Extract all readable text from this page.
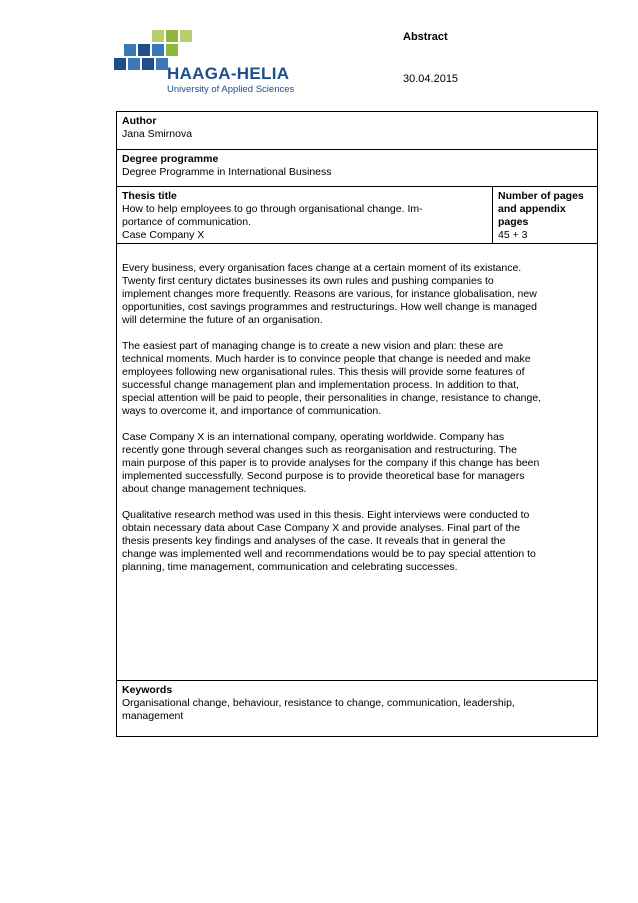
HAAGA-HELIA
University of Applied Sciences
Abstract
30.04.2015
Author
Jana Smirnova
Degree programme
Degree Programme in International Business
Thesis title
How to help employees to go through organisational change. Im-
portance of communication.
Case Company X
Number of pages
and appendix
pages
45 + 3

Every business, every organisation faces change at a certain moment of its existance.
Twenty first century dictates businesses its own rules and pushing companies to
implement changes more frequently. Reasons are various, for instance globalisation, new
opportunities, cost savings programmes and restructurings. How well change is managed
will determine the future of an organisation.

The easiest part of managing change is to create a new vision and plan: these are
technical moments. Much harder is to convince people that change is needed and make
employees following new organisational rules. This thesis will provide some features of
successful change management plan and implementation process. In addition to that,
special attention will be paid to people, their personalities in change, resistance to change,
ways to overcome it, and importance of communication.

Case Company X is an international company, operating worldwide. Company has
recently gone through several changes such as reorganisation and restructuring. The
main purpose of this paper is to provide analyses for the company if this change has been
implemented successfully. Second purpose is to provide theoretical base for managers
about change management techniques.

Qualitative research method was used in this thesis. Eight interviews were conducted to
obtain necessary data about Case Company X and provide analyses. Final part of the
thesis presents key findings and analyses of the case. It reveals that in general the
change was implemented well and recommendations would be to pay special attention to
planning, time management, communication and celebrating successes.

Keywords
Organisational change, behaviour, resistance to change, communication, leadership,
management
